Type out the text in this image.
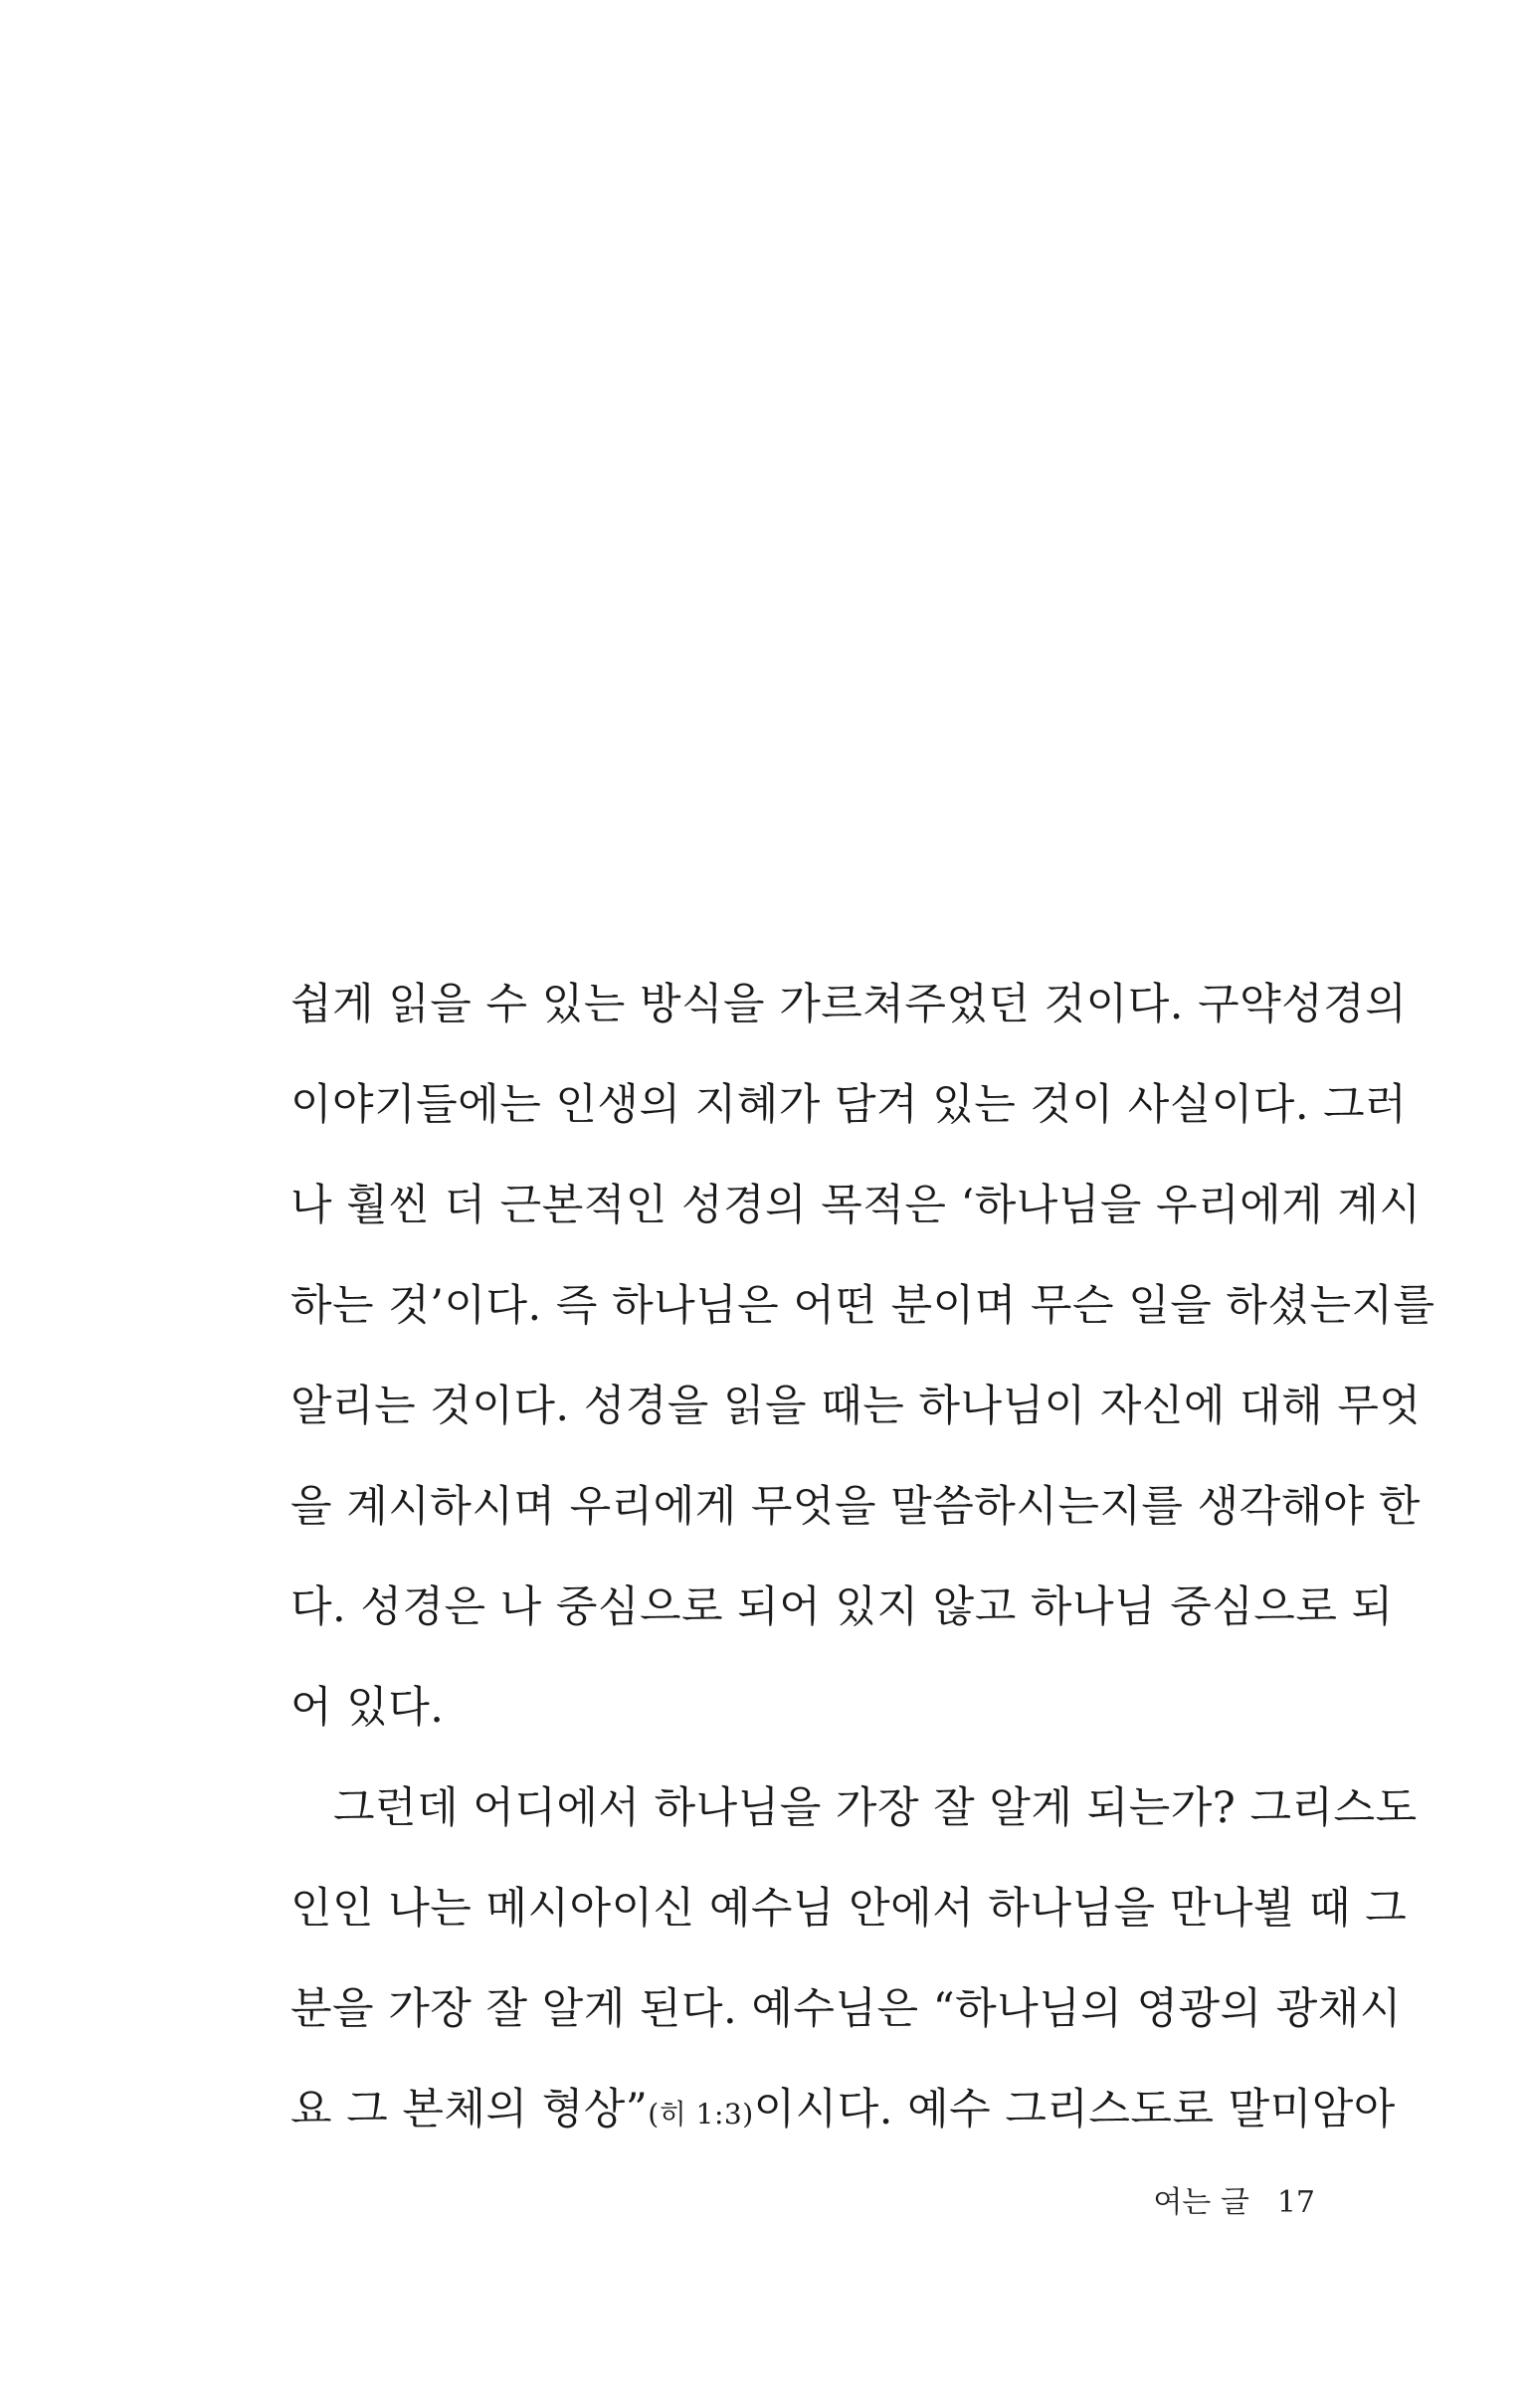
쉽게 읽을 수 있는 방식을 가르쳐주었던 것이다. 구약성경의
이야기들에는 인생의 지혜가 담겨 있는 것이 사실이다. 그러
나 훨씬 더 근본적인 성경의 목적은 ‘하나님을 우리에게 계시
하는 것’이다. 즉 하나님은 어떤 분이며 무슨 일을 하셨는지를
알리는 것이다. 성경을 읽을 때는 하나님이 자신에 대해 무엇
을 계시하시며 우리에게 무엇을 말씀하시는지를 생각해야 한
다. 성경은 나 중심으로 되어 있지 않고 하나님 중심으로 되
어 있다.
그런데 어디에서 하나님을 가장 잘 알게 되는가? 그리스도
인인 나는 메시아이신 예수님 안에서 하나님을 만나뵐 때 그
분을 가장 잘 알게 된다. 예수님은 “하나님의 영광의 광채시
요 그 본체의 형상”(히 1:3)이시다. 예수 그리스도로 말미암아
여는 글 17
